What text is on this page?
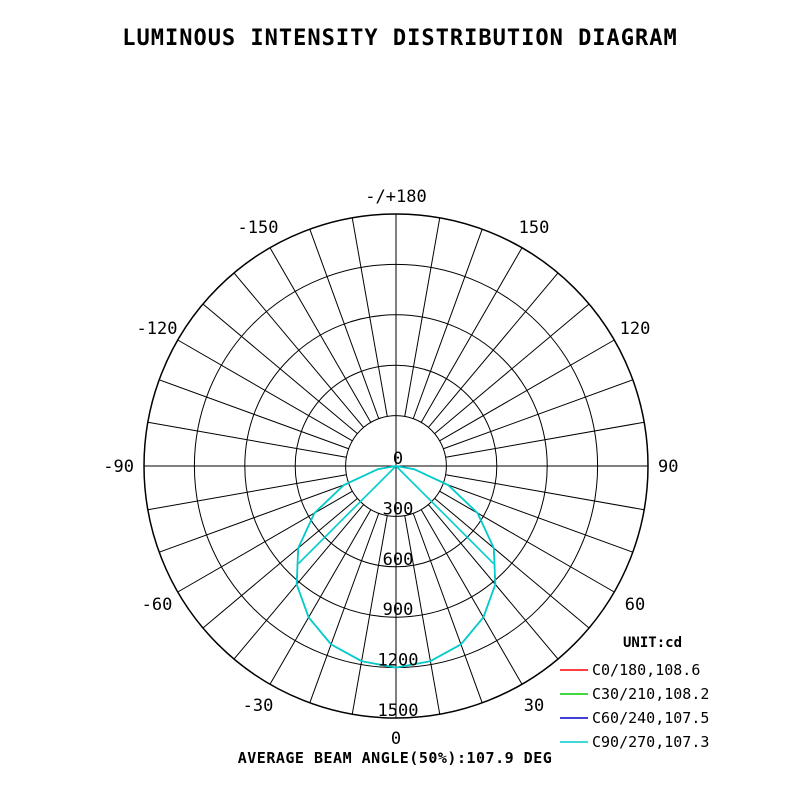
LUMINOUS INTENSITY DISTRIBUTION DIAGRAM
0
30
-30
60
-60
90
-90
120
-120
150
-150
-/+180
0
300
600
900
1200
1500
UNIT:cd
C0/180,108.6
C30/210,108.2
C60/240,107.5
C90/270,107.3
AVERAGE BEAM ANGLE(50%):107.9 DEG
